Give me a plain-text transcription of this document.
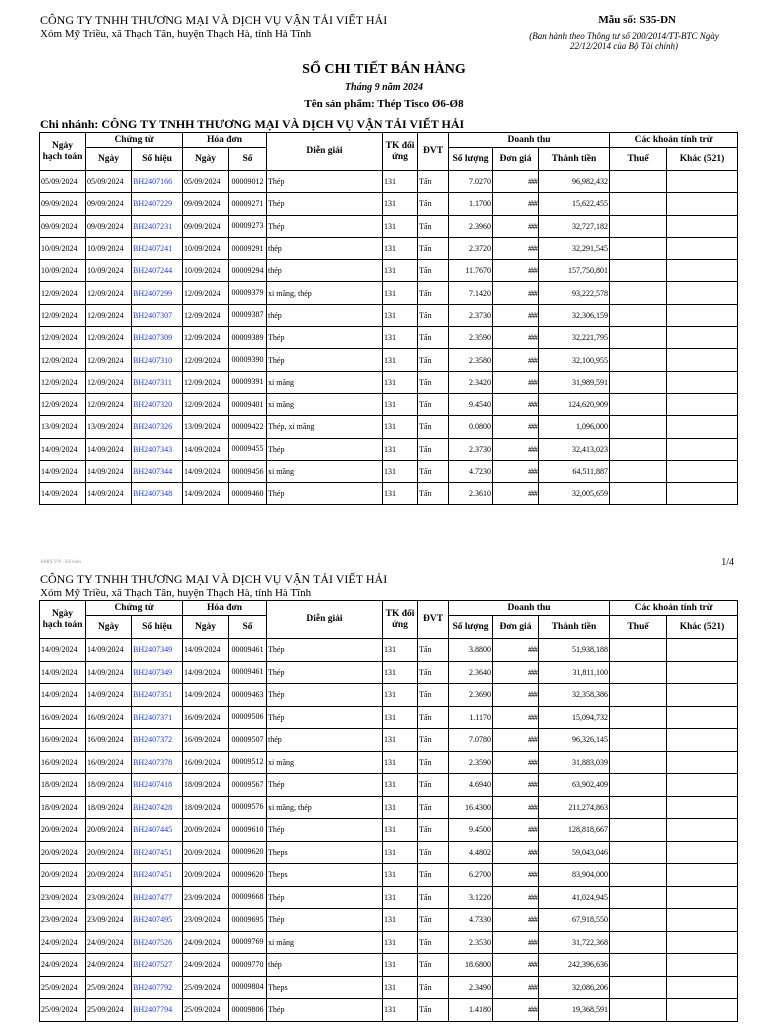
CÔNG TY TNHH THƯƠNG MẠI VÀ DỊCH VỤ VẬN TẢI VIẾT HẢI
Xóm Mỹ Triều, xã Thạch Tân, huyện Thạch Hà, tỉnh Hà Tĩnh
Mẫu số: S35-DN
(Ban hành theo Thông tư số 200/2014/TT-BTC Ngày 22/12/2014 của Bộ Tài chính)
SỔ CHI TIẾT BÁN HÀNG
Tháng 9 năm 2024
Tên sản phẩm: Thép Tisco Ø6-Ø8
Chi nhánh: CÔNG TY TNHH THƯƠNG MẠI VÀ DỊCH VỤ VẬN TẢI VIẾT HẢI
Ngày hạch toán	Chứng từ		Hóa đơn		Diễn giải	TK đối ứng	ĐVT	Doanh thu			Các khoản tính trừ	
	Ngày	Số hiệu	Ngày	Số				Số lượng	Đơn giá	Thành tiền	Thuế	Khác (521)
05/09/2024	05/09/2024	BH2407166	05/09/2024	00009012	Thép	131	Tấn	7.0270	###	96,982,432		
09/09/2024	09/09/2024	BH2407229	09/09/2024	00009271	Thép	131	Tấn	1.1700	###	15,622,455		
09/09/2024	09/09/2024	BH2407231	09/09/2024	00009273	Thép	131	Tấn	2.3960	###	32,727,182		
10/09/2024	10/09/2024	BH2407241	10/09/2024	00009291	thép	131	Tấn	2.3720	###	32,291,545		
10/09/2024	10/09/2024	BH2407244	10/09/2024	00009294	thép	131	Tấn	11.7670	###	157,750,801		
12/09/2024	12/09/2024	BH2407299	12/09/2024	00009379	xi măng, thép	131	Tấn	7.1420	###	93,222,578		
12/09/2024	12/09/2024	BH2407307	12/09/2024	00009387	thép	131	Tấn	2.3730	###	32,306,159		
12/09/2024	12/09/2024	BH2407309	12/09/2024	00009389	Thép	131	Tấn	2.3590	###	32,221,795		
12/09/2024	12/09/2024	BH2407310	12/09/2024	00009390	Thép	131	Tấn	2.3580	###	32,100,955		
12/09/2024	12/09/2024	BH2407311	12/09/2024	00009391	xi măng	131	Tấn	2.3420	###	31,989,591		
12/09/2024	12/09/2024	BH2407320	12/09/2024	00009401	xi măng	131	Tấn	9.4540	###	124,620,909		
13/09/2024	13/09/2024	BH2407326	13/09/2024	00009422	Thép, xi măng	131	Tấn	0.0800	###	1,096,000		
14/09/2024	14/09/2024	BH2407343	14/09/2024	00009455	Thép	131	Tấn	2.3730	###	32,413,023		
14/09/2024	14/09/2024	BH2407344	14/09/2024	00009456	xi măng	131	Tấn	4.7230	###	64,511,887		
14/09/2024	14/09/2024	BH2407348	14/09/2024	00009460	Thép	131	Tấn	2.3610	###	32,005,659		
AMIS.VN - Kế toán	1/4
CÔNG TY TNHH THƯƠNG MẠI VÀ DỊCH VỤ VẬN TẢI VIẾT HẢI
Xóm Mỹ Triều, xã Thạch Tân, huyện Thạch Hà, tỉnh Hà Tĩnh
Ngày hạch toán	Chứng từ		Hóa đơn		Diễn giải	TK đối ứng	ĐVT	Doanh thu			Các khoản tính trừ	
	Ngày	Số hiệu	Ngày	Số				Số lượng	Đơn giá	Thành tiền	Thuế	Khác (521)
14/09/2024	14/09/2024	BH2407349	14/09/2024	00009461	Thép	131	Tấn	3.8800	###	51,938,188		
14/09/2024	14/09/2024	BH2407349	14/09/2024	00009461	Thép	131	Tấn	2.3640	###	31,811,100		
14/09/2024	14/09/2024	BH2407351	14/09/2024	00009463	Thép	131	Tấn	2.3690	###	32,358,386		
16/09/2024	16/09/2024	BH2407371	16/09/2024	00009506	Thép	131	Tấn	1.1170	###	15,094,732		
16/09/2024	16/09/2024	BH2407372	16/09/2024	00009507	thép	131	Tấn	7.0780	###	96,326,145		
16/09/2024	16/09/2024	BH2407378	16/09/2024	00009512	xi măng	131	Tấn	2.3590	###	31,883,039		
18/09/2024	18/09/2024	BH2407418	18/09/2024	00009567	Thép	131	Tấn	4.6940	###	63,902,409		
18/09/2024	18/09/2024	BH2407428	18/09/2024	00009576	xi măng, thép	131	Tấn	16.4300	###	211,274,863		
20/09/2024	20/09/2024	BH2407445	20/09/2024	00009610	Thép	131	Tấn	9.4500	###	128,818,667		
20/09/2024	20/09/2024	BH2407451	20/09/2024	00009620	Theps	131	Tấn	4.4802	###	59,043,046		
20/09/2024	20/09/2024	BH2407451	20/09/2024	00009620	Theps	131	Tấn	6.2700	###	83,904,000		
23/09/2024	23/09/2024	BH2407477	23/09/2024	00009668	Thép	131	Tấn	3.1220	###	41,024,945		
23/09/2024	23/09/2024	BH2407495	23/09/2024	00009695	Thép	131	Tấn	4.7330	###	67,918,550		
24/09/2024	24/09/2024	BH2407526	24/09/2024	00009769	xi măng	131	Tấn	2.3530	###	31,722,368		
24/09/2024	24/09/2024	BH2407527	24/09/2024	00009770	thép	131	Tấn	18.6800	###	242,396,636		
25/09/2024	25/09/2024	BH2407792	25/09/2024	00009804	Theps	131	Tấn	2.3490	###	32,086,206		
25/09/2024	25/09/2024	BH2407794	25/09/2024	00009806	Thép	131	Tấn	1.4180	###	19,368,591		
